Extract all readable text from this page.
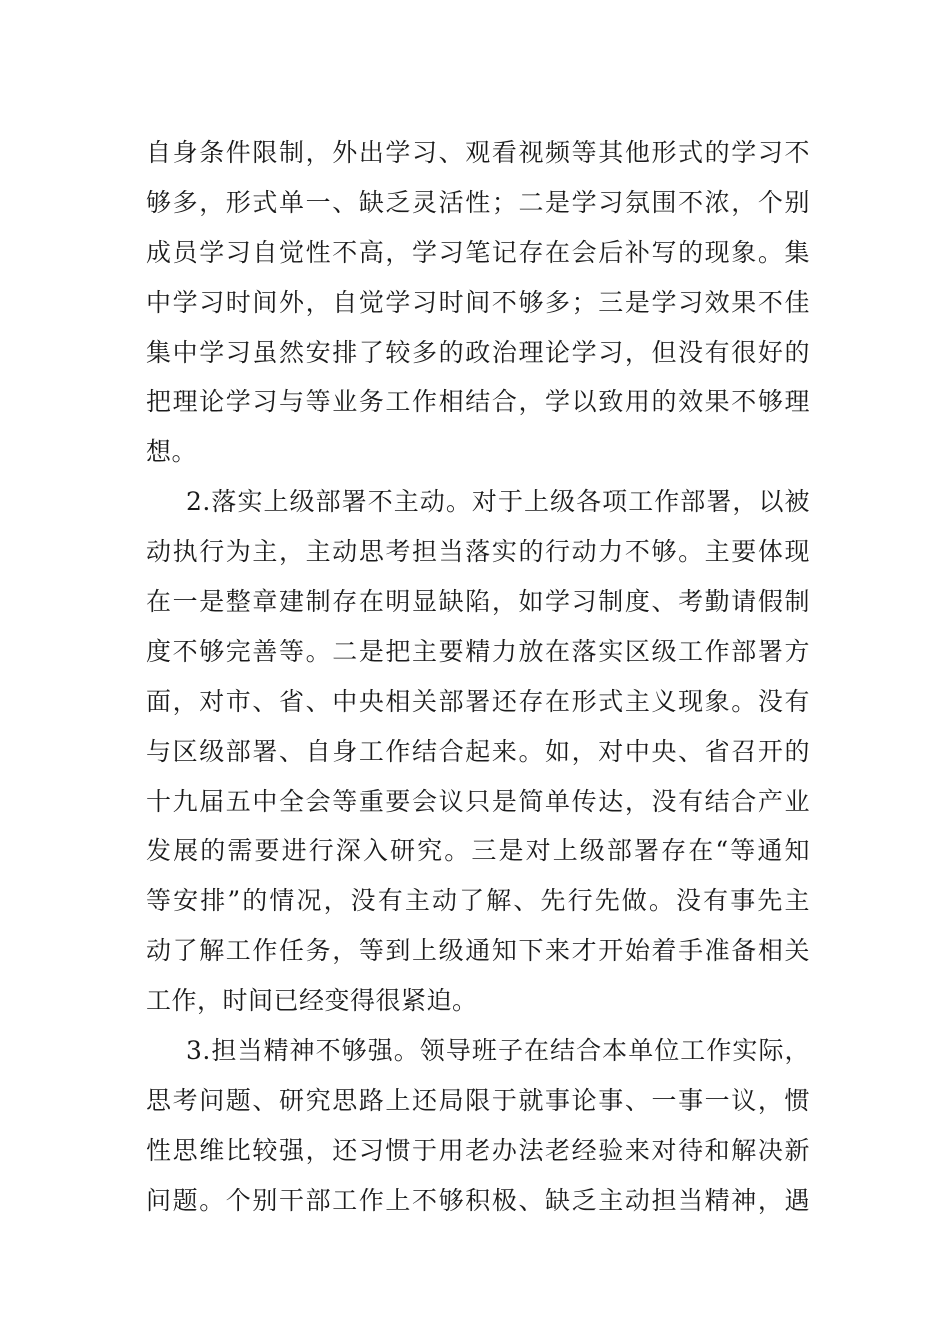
自身条件限制，外出学习、观看视频等其他形式的学习不
够多，形式单一、缺乏灵活性；二是学习氛围不浓，个别
成员学习自觉性不高，学习笔记存在会后补写的现象。集
中学习时间外，自觉学习时间不够多；三是学习效果不佳
集中学习虽然安排了较多的政治理论学习，但没有很好的
把理论学习与等业务工作相结合，学以致用的效果不够理
想。
2.落实上级部署不主动。对于上级各项工作部署，以被
动执行为主，主动思考担当落实的行动力不够。主要体现
在一是整章建制存在明显缺陷，如学习制度、考勤请假制
度不够完善等。二是把主要精力放在落实区级工作部署方
面，对市、省、中央相关部署还存在形式主义现象。没有
与区级部署、自身工作结合起来。如，对中央、省召开的
十九届五中全会等重要会议只是简单传达，没有结合产业
发展的需要进行深入研究。三是对上级部署存在“等通知
等安排”的情况，没有主动了解、先行先做。没有事先主
动了解工作任务，等到上级通知下来才开始着手准备相关
工作，时间已经变得很紧迫。
3.担当精神不够强。领导班子在结合本单位工作实际，
思考问题、研究思路上还局限于就事论事、一事一议，惯
性思维比较强，还习惯于用老办法老经验来对待和解决新
问题。个别干部工作上不够积极、缺乏主动担当精神，遇
